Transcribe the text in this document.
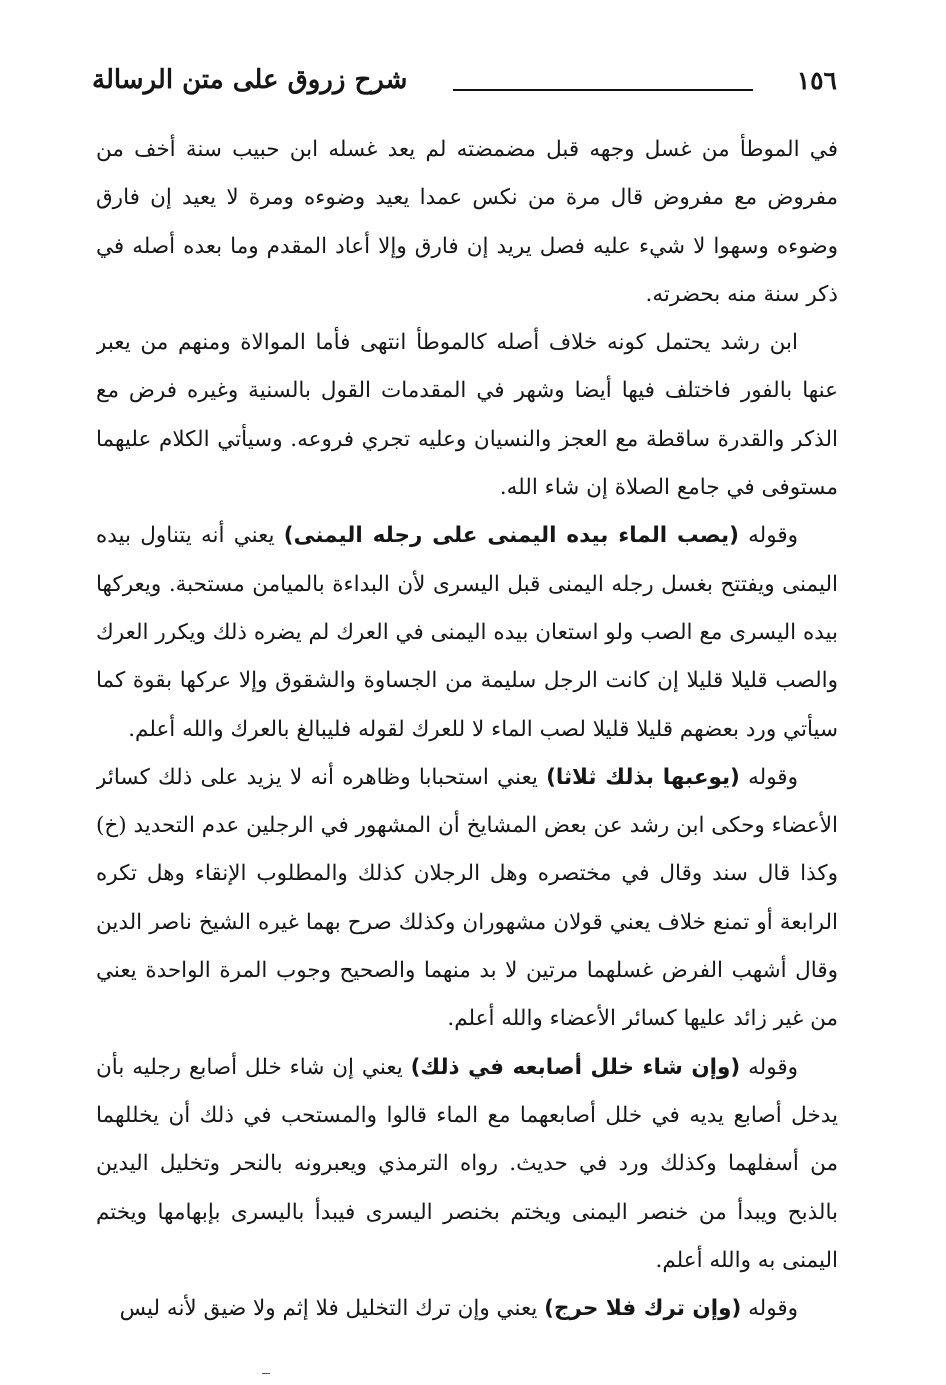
١٥٦
شرح زروق على متن الرسالة

في الموطأ من غسل وجهه قبل مضمضته لم يعد غسله ابن حبيب سنة أخف من مفروض مع مفروض قال مرة من نكس عمدا يعيد وضوءه ومرة لا يعيد إن فارق وضوءه وسهوا لا شيء عليه فصل يريد إن فارق وإلا أعاد المقدم وما بعده أصله في ذكر سنة منه بحضرته.

ابن رشد يحتمل كونه خلاف أصله كالموطأ انتهى فأما الموالاة ومنهم من يعبر عنها بالفور فاختلف فيها أيضا وشهر في المقدمات القول بالسنية وغيره فرض مع الذكر والقدرة ساقطة مع العجز والنسيان وعليه تجري فروعه. وسيأتي الكلام عليهما مستوفى في جامع الصلاة إن شاء الله.

وقوله (يصب الماء بيده اليمنى على رجله اليمنى) يعني أنه يتناول بيده اليمنى ويفتتح بغسل رجله اليمنى قبل اليسرى لأن البداءة بالميامن مستحبة. ويعركها بيده اليسرى مع الصب ولو استعان بيده اليمنى في العرك لم يضره ذلك ويكرر العرك والصب قليلا قليلا إن كانت الرجل سليمة من الجساوة والشقوق وإلا عركها بقوة كما سيأتي ورد بعضهم قليلا قليلا لصب الماء لا للعرك لقوله فليبالغ بالعرك والله أعلم.

وقوله (يوعبها بذلك ثلاثا) يعني استحبابا وظاهره أنه لا يزيد على ذلك كسائر الأعضاء وحكى ابن رشد عن بعض المشايخ أن المشهور في الرجلين عدم التحديد (خ) وكذا قال سند وقال في مختصره وهل الرجلان كذلك والمطلوب الإنقاء وهل تكره الرابعة أو تمنع خلاف يعني قولان مشهوران وكذلك صرح بهما غيره الشيخ ناصر الدين وقال أشهب الفرض غسلهما مرتين لا بد منهما والصحيح وجوب المرة الواحدة يعني من غير زائد عليها كسائر الأعضاء والله أعلم.

وقوله (وإن شاء خلل أصابعه في ذلك) يعني إن شاء خلل أصابع رجليه بأن يدخل أصابع يديه في خلل أصابعهما مع الماء قالوا والمستحب في ذلك أن يخللهما من أسفلهما وكذلك ورد في حديث. رواه الترمذي ويعبرونه بالنحر وتخليل اليدين بالذبح ويبدأ من خنصر اليمنى ويختم بخنصر اليسرى فيبدأ باليسرى بإبهامها ويختم اليمنى به والله أعلم.

وقوله (وإن ترك فلا حرج) يعني وإن ترك التخليل فلا إثم ولا ضيق لأنه ليس
